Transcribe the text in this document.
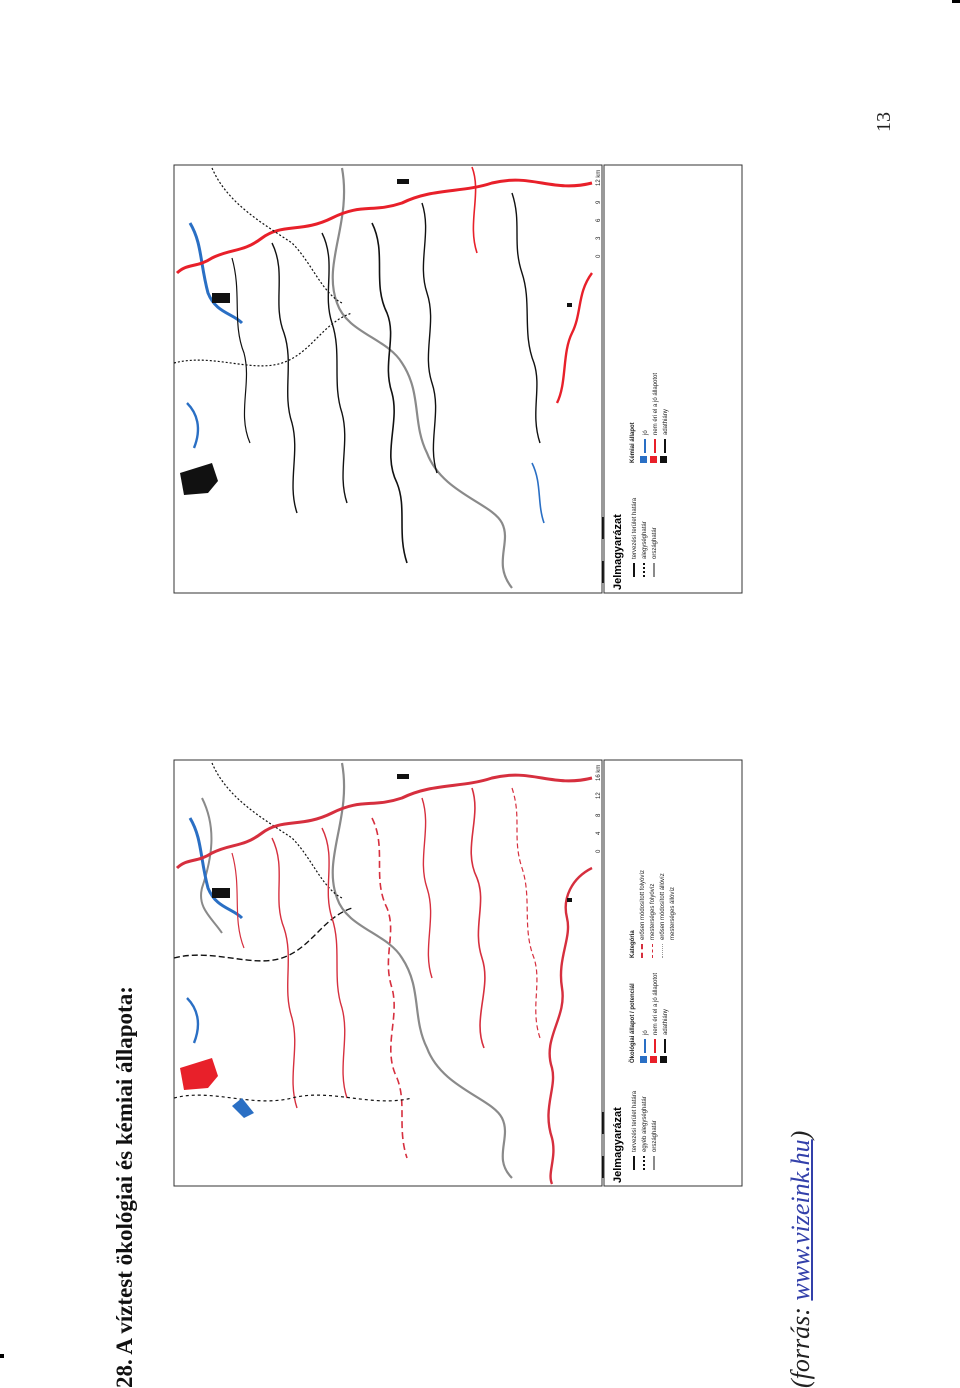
28. A víztest ökológiai és kémiai állapota:	(forrás: www.vizeink.hu)
13
Jelmagyarázat tervezési terület határa egyéb alegységhatár országhatár
Ökológiai állapot / potenciál	jó nem éri el a jó állapotot adathiány
Kategória
erősen módosított folyóvíz mesterséges folyóvíz erősen módosított állóvíz mesterséges állóvíz
0481216 km
Jelmagyarázat tervezési terület határa alegységhatár országhatár
Kémiai állapot	jó nem éri el a jó állapotot adathiány
036912 km
